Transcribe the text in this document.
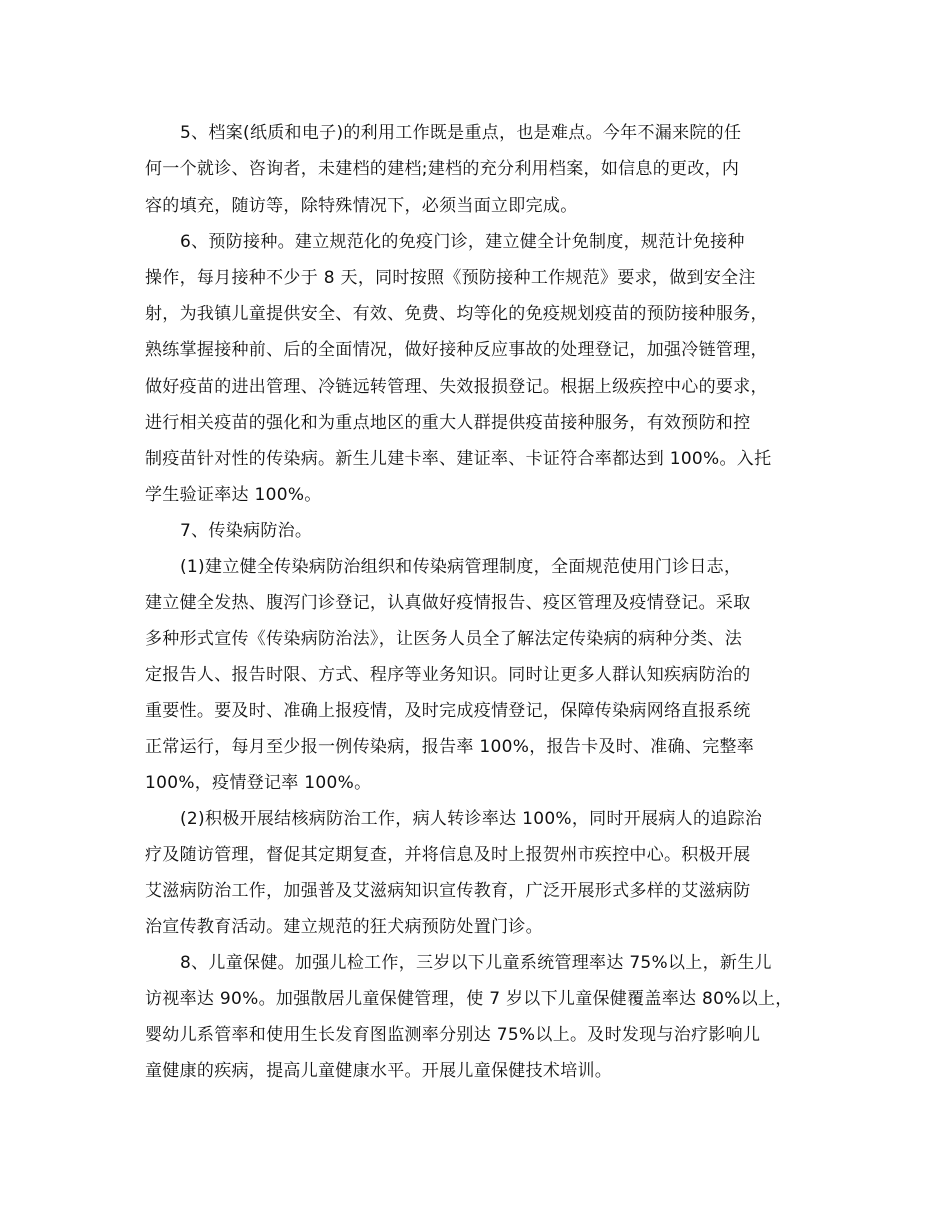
5、档案(纸质和电子)的利用工作既是重点，也是难点。今年不漏来院的任
何一个就诊、咨询者，未建档的建档;建档的充分利用档案，如信息的更改，内
容的填充，随访等，除特殊情况下，必须当面立即完成。
6、预防接种。建立规范化的免疫门诊，建立健全计免制度，规范计免接种
操作，每月接种不少于 8 天，同时按照《预防接种工作规范》要求，做到安全注
射，为我镇儿童提供安全、有效、免费、均等化的免疫规划疫苗的预防接种服务，
熟练掌握接种前、后的全面情况，做好接种反应事故的处理登记，加强冷链管理，
做好疫苗的进出管理、冷链远转管理、失效报损登记。根据上级疾控中心的要求，
进行相关疫苗的强化和为重点地区的重大人群提供疫苗接种服务，有效预防和控
制疫苗针对性的传染病。新生儿建卡率、建证率、卡证符合率都达到 100%。入托
学生验证率达 100%。
7、传染病防治。
(1)建立健全传染病防治组织和传染病管理制度，全面规范使用门诊日志，
建立健全发热、腹泻门诊登记，认真做好疫情报告、疫区管理及疫情登记。采取
多种形式宣传《传染病防治法》，让医务人员全了解法定传染病的病种分类、法
定报告人、报告时限、方式、程序等业务知识。同时让更多人群认知疾病防治的
重要性。要及时、准确上报疫情，及时完成疫情登记，保障传染病网络直报系统
正常运行，每月至少报一例传染病，报告率 100%，报告卡及时、准确、完整率
100%，疫情登记率 100%。
(2)积极开展结核病防治工作，病人转诊率达 100%，同时开展病人的追踪治
疗及随访管理，督促其定期复查，并将信息及时上报贺州市疾控中心。积极开展
艾滋病防治工作，加强普及艾滋病知识宣传教育，广泛开展形式多样的艾滋病防
治宣传教育活动。建立规范的狂犬病预防处置门诊。
8、儿童保健。加强儿检工作，三岁以下儿童系统管理率达 75%以上，新生儿
访视率达 90%。加强散居儿童保健管理，使 7 岁以下儿童保健覆盖率达 80%以上，
婴幼儿系管率和使用生长发育图监测率分别达 75%以上。及时发现与治疗影响儿
童健康的疾病，提高儿童健康水平。开展儿童保健技术培训。
